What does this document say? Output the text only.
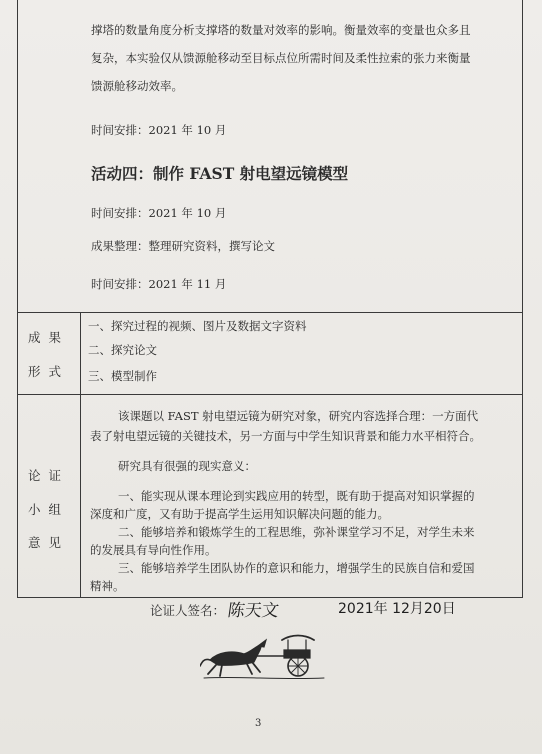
撑塔的数量角度分析支撑塔的数量对效率的影响。衡量效率的变量也众多且
复杂，本实验仅从馈源舱移动至目标点位所需时间及柔性拉索的张力来衡量
馈源舱移动效率。
时间安排：2021 年 10 月
活动四：制作 FAST 射电望远镜模型
时间安排：2021 年 10 月
成果整理：整理研究资料，撰写论文
时间安排：2021 年 11 月
成 果
形 式
一、探究过程的视频、图片及数据文字资料
二、探究论文
三、模型制作
论 证
小 组
意 见
该课题以 FAST 射电望远镜为研究对象，研究内容选择合理：一方面代
表了射电望远镜的关键技术，另一方面与中学生知识背景和能力水平相符合。
研究具有很强的现实意义：
一、能实现从课本理论到实践应用的转型，既有助于提高对知识掌握的
深度和广度，又有助于提高学生运用知识解决问题的能力。
二、能够培养和锻炼学生的工程思维，弥补课堂学习不足，对学生未来
的发展具有导向性作用。
三、能够培养学生团队协作的意识和能力，增强学生的民族自信和爱国
精神。
论证人签名： 陈天文	2021年 12月20日
3
